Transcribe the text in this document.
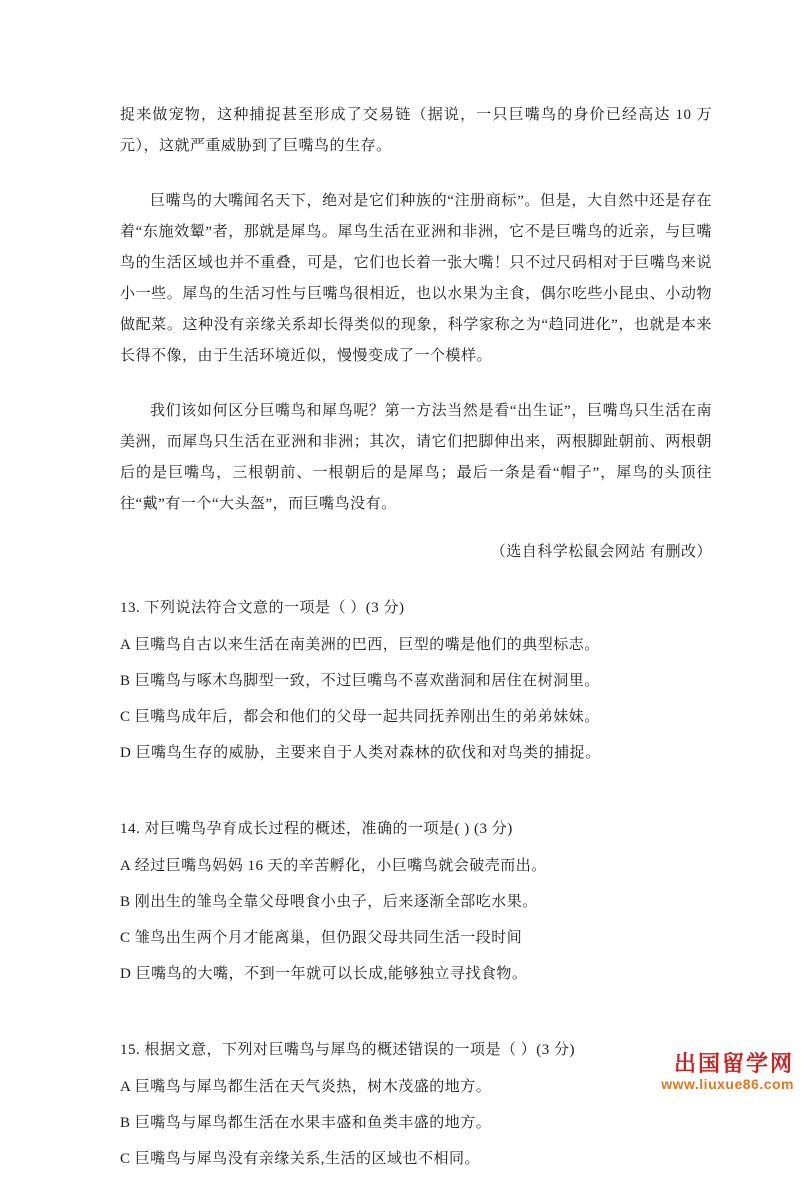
捉来做宠物，这种捕捉甚至形成了交易链（据说，一只巨嘴鸟的身价已经高达 10 万元），这就严重威胁到了巨嘴鸟的生存。

巨嘴鸟的大嘴闻名天下，绝对是它们种族的“注册商标”。但是，大自然中还是存在着“东施效颦”者，那就是犀鸟。犀鸟生活在亚洲和非洲，它不是巨嘴鸟的近亲，与巨嘴鸟的生活区域也并不重叠，可是，它们也长着一张大嘴！只不过尺码相对于巨嘴鸟来说小一些。犀鸟的生活习性与巨嘴鸟很相近，也以水果为主食，偶尔吃些小昆虫、小动物做配菜。这种没有亲缘关系却长得类似的现象，科学家称之为“趋同进化”，也就是本来长得不像，由于生活环境近似，慢慢变成了一个模样。

我们该如何区分巨嘴鸟和犀鸟呢？第一方法当然是看“出生证”，巨嘴鸟只生活在南美洲，而犀鸟只生活在亚洲和非洲；其次，请它们把脚伸出来，两根脚趾朝前、两根朝后的是巨嘴鸟，三根朝前、一根朝后的是犀鸟；最后一条是看“帽子”，犀鸟的头顶往往“戴”有一个“大头盔”，而巨嘴鸟没有。

（选自科学松鼠会网站 有删改）

13. 下列说法符合文意的一项是（ ）(3 分)

A 巨嘴鸟自古以来生活在南美洲的巴西，巨型的嘴是他们的典型标志。

B 巨嘴鸟与啄木鸟脚型一致，不过巨嘴鸟不喜欢凿洞和居住在树洞里。

C 巨嘴鸟成年后，都会和他们的父母一起共同抚养刚出生的弟弟妹妹。

D 巨嘴鸟生存的威胁，主要来自于人类对森林的砍伐和对鸟类的捕捉。

14. 对巨嘴鸟孕育成长过程的概述，准确的一项是( ) (3 分)

A 经过巨嘴鸟妈妈 16 天的辛苦孵化，小巨嘴鸟就会破壳而出。

B 刚出生的雏鸟全靠父母喂食小虫子，后来逐渐全部吃水果。

C 雏鸟出生两个月才能离巢，但仍跟父母共同生活一段时间

D 巨嘴鸟的大嘴，不到一年就可以长成,能够独立寻找食物。

15. 根据文意，下列对巨嘴鸟与犀鸟的概述错误的一项是（ ）(3 分)

A 巨嘴鸟与犀鸟都生活在天气炎热，树木茂盛的地方。

B 巨嘴鸟与犀鸟都生活在水果丰盛和鱼类丰盛的地方。

C 巨嘴鸟与犀鸟没有亲缘关系,生活的区域也不相同。

出国留学网
www.liuxue86.com
